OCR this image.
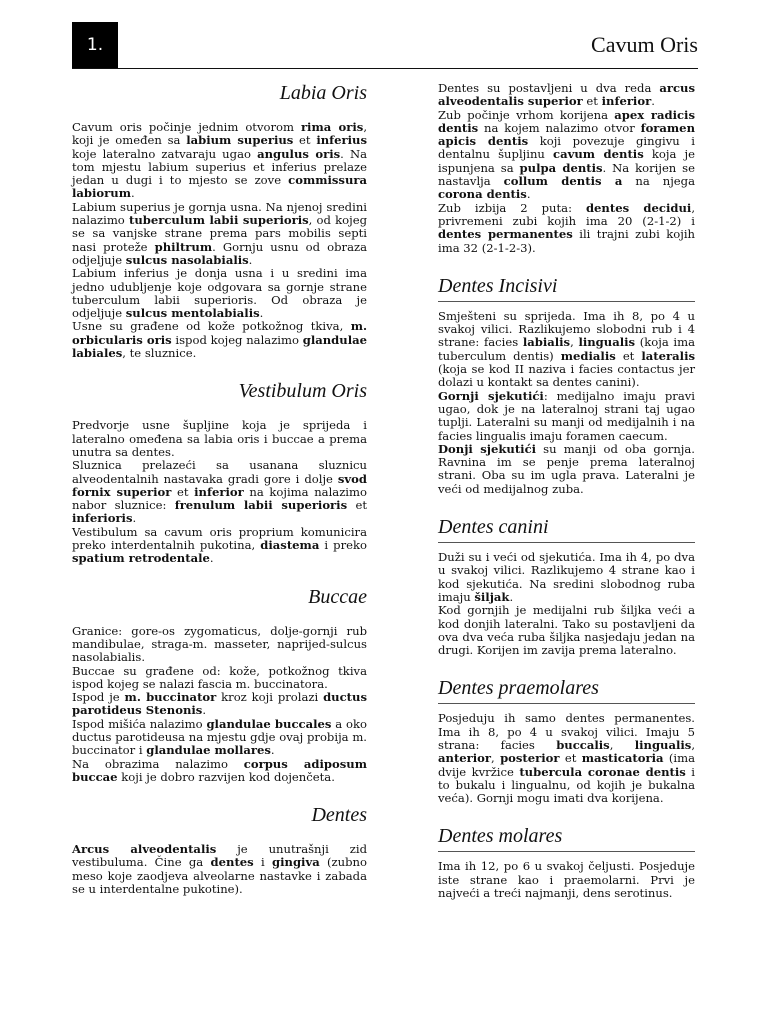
1.	Cavum Oris
Labia Oris

Cavum oris počinje jednim otvorom rima oris, koji je omeđen sa labium superius et inferius koje lateralno zatvaraju ugao angulus oris. Na tom mjestu labium superius et inferius prelaze jedan u dugi i to mjesto se zove commissura labiorum.

Labium superius je gornja usna. Na njenoj sredini nalazimo tuberculum labii superioris, od kojeg se sa vanjske strane prema pars mobilis septi nasi proteže philtrum. Gornju usnu od obraza odjeljuje sulcus nasolabialis.

Labium inferius je donja usna i u sredini ima jedno udubljenje koje odgovara sa gornje strane tuberculum labii superioris. Od obraza je odjeljuje sulcus mentolabialis.

Usne su građene od kože potkožnog tkiva, m. orbicularis oris ispod kojeg nalazimo glandulae labiales, te sluznice.

Vestibulum Oris

Predvorje usne šupljine koja je sprijeda i lateralno omeđena sa labia oris i buccae a prema unutra sa dentes.

Sluznica prelazeći sa usanana sluznicu alveodentalnih nastavaka gradi gore i dolje svod fornix superior et inferior na kojima nalazimo nabor sluznice: frenulum labii superioris et inferioris.

Vestibulum sa cavum oris proprium komunicira preko interdentalnih pukotina, diastema i preko spatium retrodentale.

Buccae

Granice: gore-os zygomaticus, dolje-gornji rub mandibulae, straga-m. masseter, naprijed-sulcus nasolabialis.

Buccae su građene od: kože, potkožnog tkiva ispod kojeg se nalazi fascia m. buccinatora.

Ispod je m. buccinator kroz koji prolazi ductus parotideus Stenonis.

Ispod mišića nalazimo glandulae buccales a oko ductus parotideusa na mjestu gdje ovaj probija m. buccinator i glandulae mollares.

Na obrazima nalazimo corpus adiposum buccae koji je dobro razvijen kod dojenčeta.

Dentes

Arcus alveodentalis je unutrašnji zid vestibuluma. Čine ga dentes i gingiva (zubno meso koje zaodjeva alveolarne nastavke i zabada se u interdentalne pukotine).

Dentes su postavljeni u dva reda arcus alveodentalis superior et inferior.

Zub počinje vrhom korijena apex radicis dentis na kojem nalazimo otvor foramen apicis dentis koji povezuje gingivu i dentalnu šupljinu cavum dentis koja je ispunjena sa pulpa dentis. Na korijen se nastavlja collum dentis a na njega corona dentis.

Zub izbija 2 puta: dentes decidui, privremeni zubi kojih ima 20 (2-1-2) i dentes permanentes ili trajni zubi kojih ima 32 (2-1-2-3).

Dentes Incisivi

Smješteni su sprijeda. Ima ih 8, po 4 u svakoj vilici. Razlikujemo slobodni rub i 4 strane: facies labialis, lingualis (koja ima tuberculum dentis) medialis et lateralis (koja se kod II naziva i facies contactus jer dolazi u kontakt sa dentes canini).

Gornji sjekutići: medijalno imaju pravi ugao, dok je na lateralnoj strani taj ugao tuplji. Lateralni su manji od medijalnih i na facies lingualis imaju foramen caecum.

Donji sjekutići su manji od oba gornja. Ravnina im se penje prema lateralnoj strani. Oba su im ugla prava. Lateralni je veći od medijalnog zuba.

Dentes canini

Duži su i veći od sjekutića. Ima ih 4, po dva u svakoj vilici. Razlikujemo 4 strane kao i kod sjekutića. Na sredini slobodnog ruba imaju šiljak.

Kod gornjih je medijalni rub šiljka veći a kod donjih lateralni. Tako su postavljeni da ova dva veća ruba šiljka nasjedaju jedan na drugi. Korijen im zavija prema lateralno.

Dentes praemolares

Posjeduju ih samo dentes permanentes. Ima ih 8, po 4 u svakoj vilici. Imaju 5 strana: facies buccalis, lingualis, anterior, posterior et masticatoria (ima dvije kvržice tubercula coronae dentis i to bukalu i lingualnu, od kojih je bukalna veća). Gornji mogu imati dva korijena.

Dentes molares

Ima ih 12, po 6 u svakoj čeljusti. Posjeduje iste strane kao i praemolarni. Prvi je najveći a treći najmanji, dens serotinus.
